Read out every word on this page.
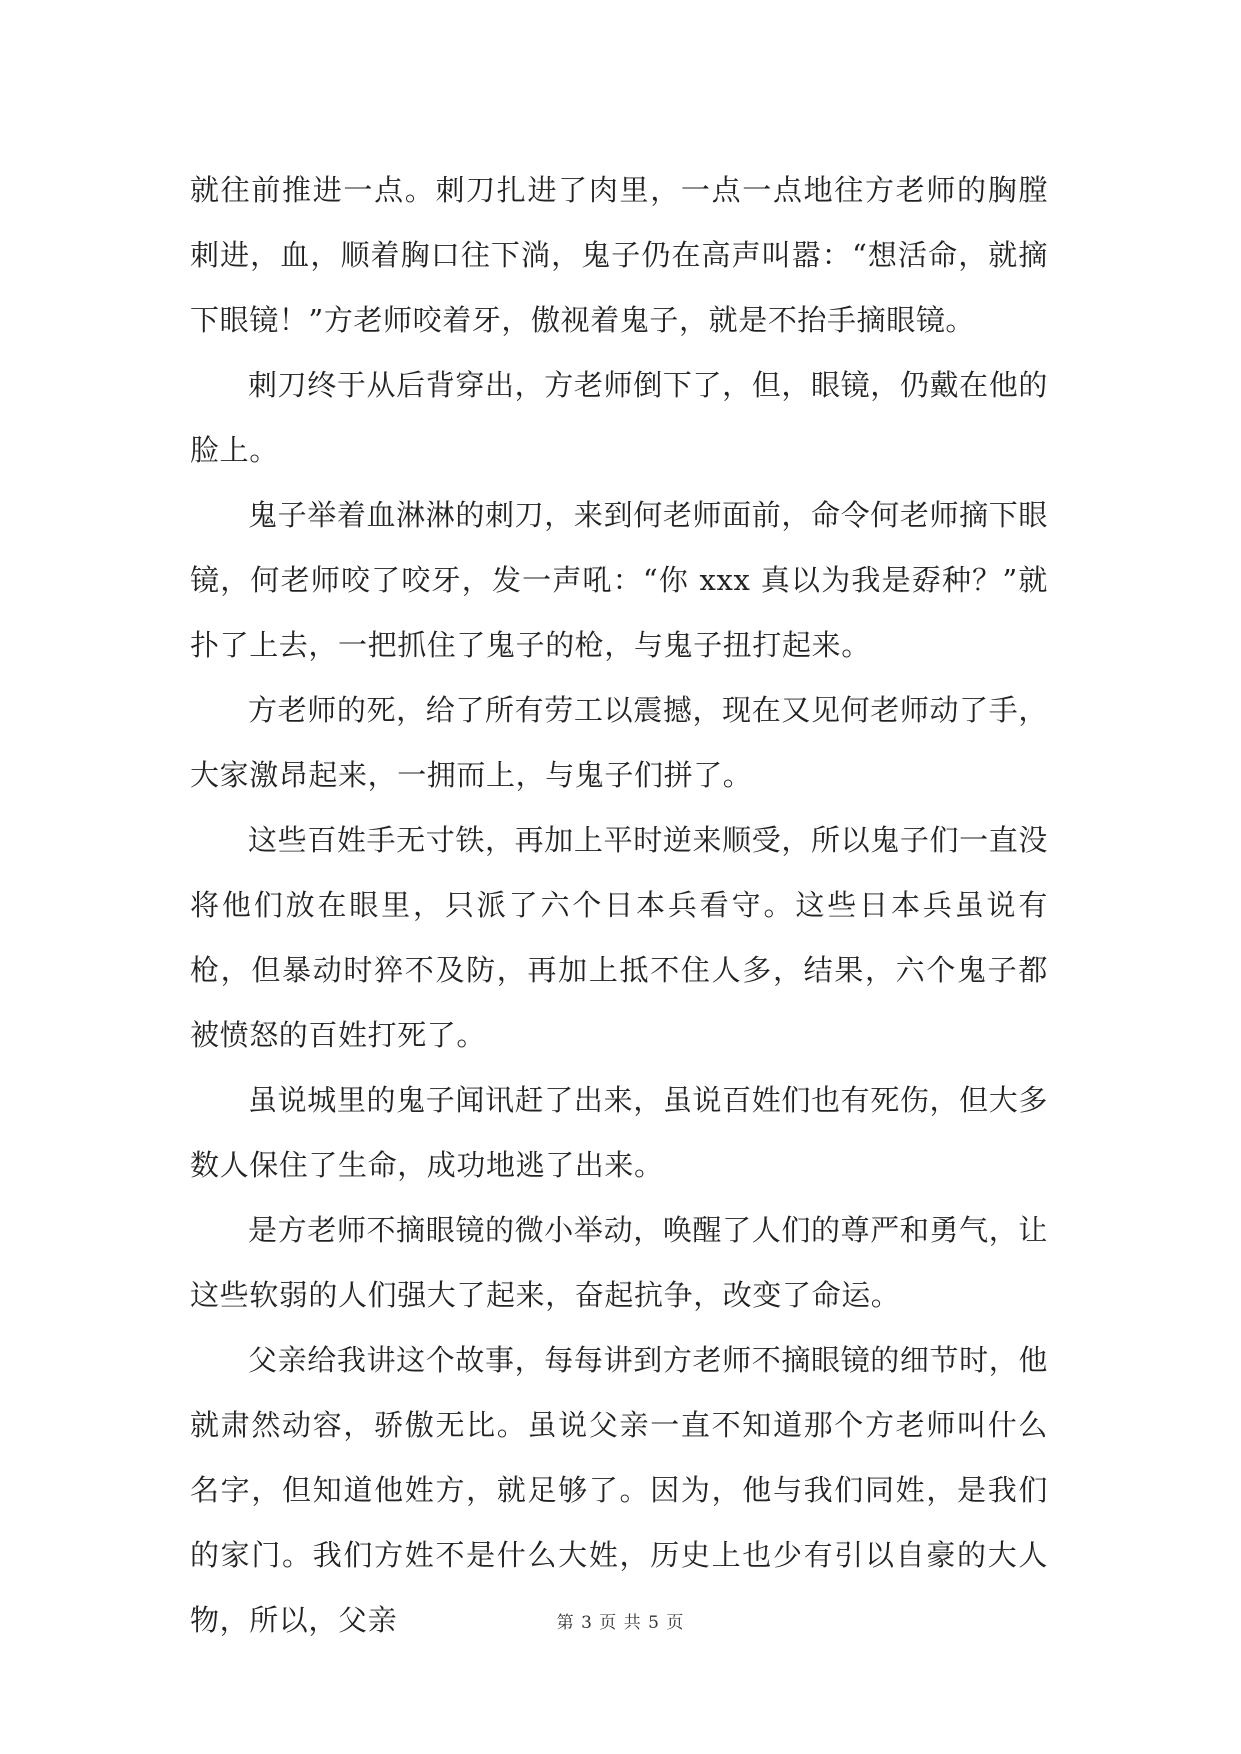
就往前推进一点。刺刀扎进了肉里，一点一点地往方老师的胸膛刺进，血，顺着胸口往下淌，鬼子仍在高声叫嚣：“想活命，就摘下眼镜！”方老师咬着牙，傲视着鬼子，就是不抬手摘眼镜。

刺刀终于从后背穿出，方老师倒下了，但，眼镜，仍戴在他的脸上。

鬼子举着血淋淋的刺刀，来到何老师面前，命令何老师摘下眼镜，何老师咬了咬牙，发一声吼：“你 xxx 真以为我是孬种？”就扑了上去，一把抓住了鬼子的枪，与鬼子扭打起来。

方老师的死，给了所有劳工以震撼，现在又见何老师动了手，大家激昂起来，一拥而上，与鬼子们拼了。

这些百姓手无寸铁，再加上平时逆来顺受，所以鬼子们一直没将他们放在眼里，只派了六个日本兵看守。这些日本兵虽说有枪，但暴动时猝不及防，再加上抵不住人多，结果，六个鬼子都被愤怒的百姓打死了。

虽说城里的鬼子闻讯赶了出来，虽说百姓们也有死伤，但大多数人保住了生命，成功地逃了出来。

是方老师不摘眼镜的微小举动，唤醒了人们的尊严和勇气，让这些软弱的人们强大了起来，奋起抗争，改变了命运。

父亲给我讲这个故事，每每讲到方老师不摘眼镜的细节时，他就肃然动容，骄傲无比。虽说父亲一直不知道那个方老师叫什么名字，但知道他姓方，就足够了。因为，他与我们同姓，是我们的家门。我们方姓不是什么大姓，历史上也少有引以自豪的大人物，所以，父亲	第 3 页 共 5 页
